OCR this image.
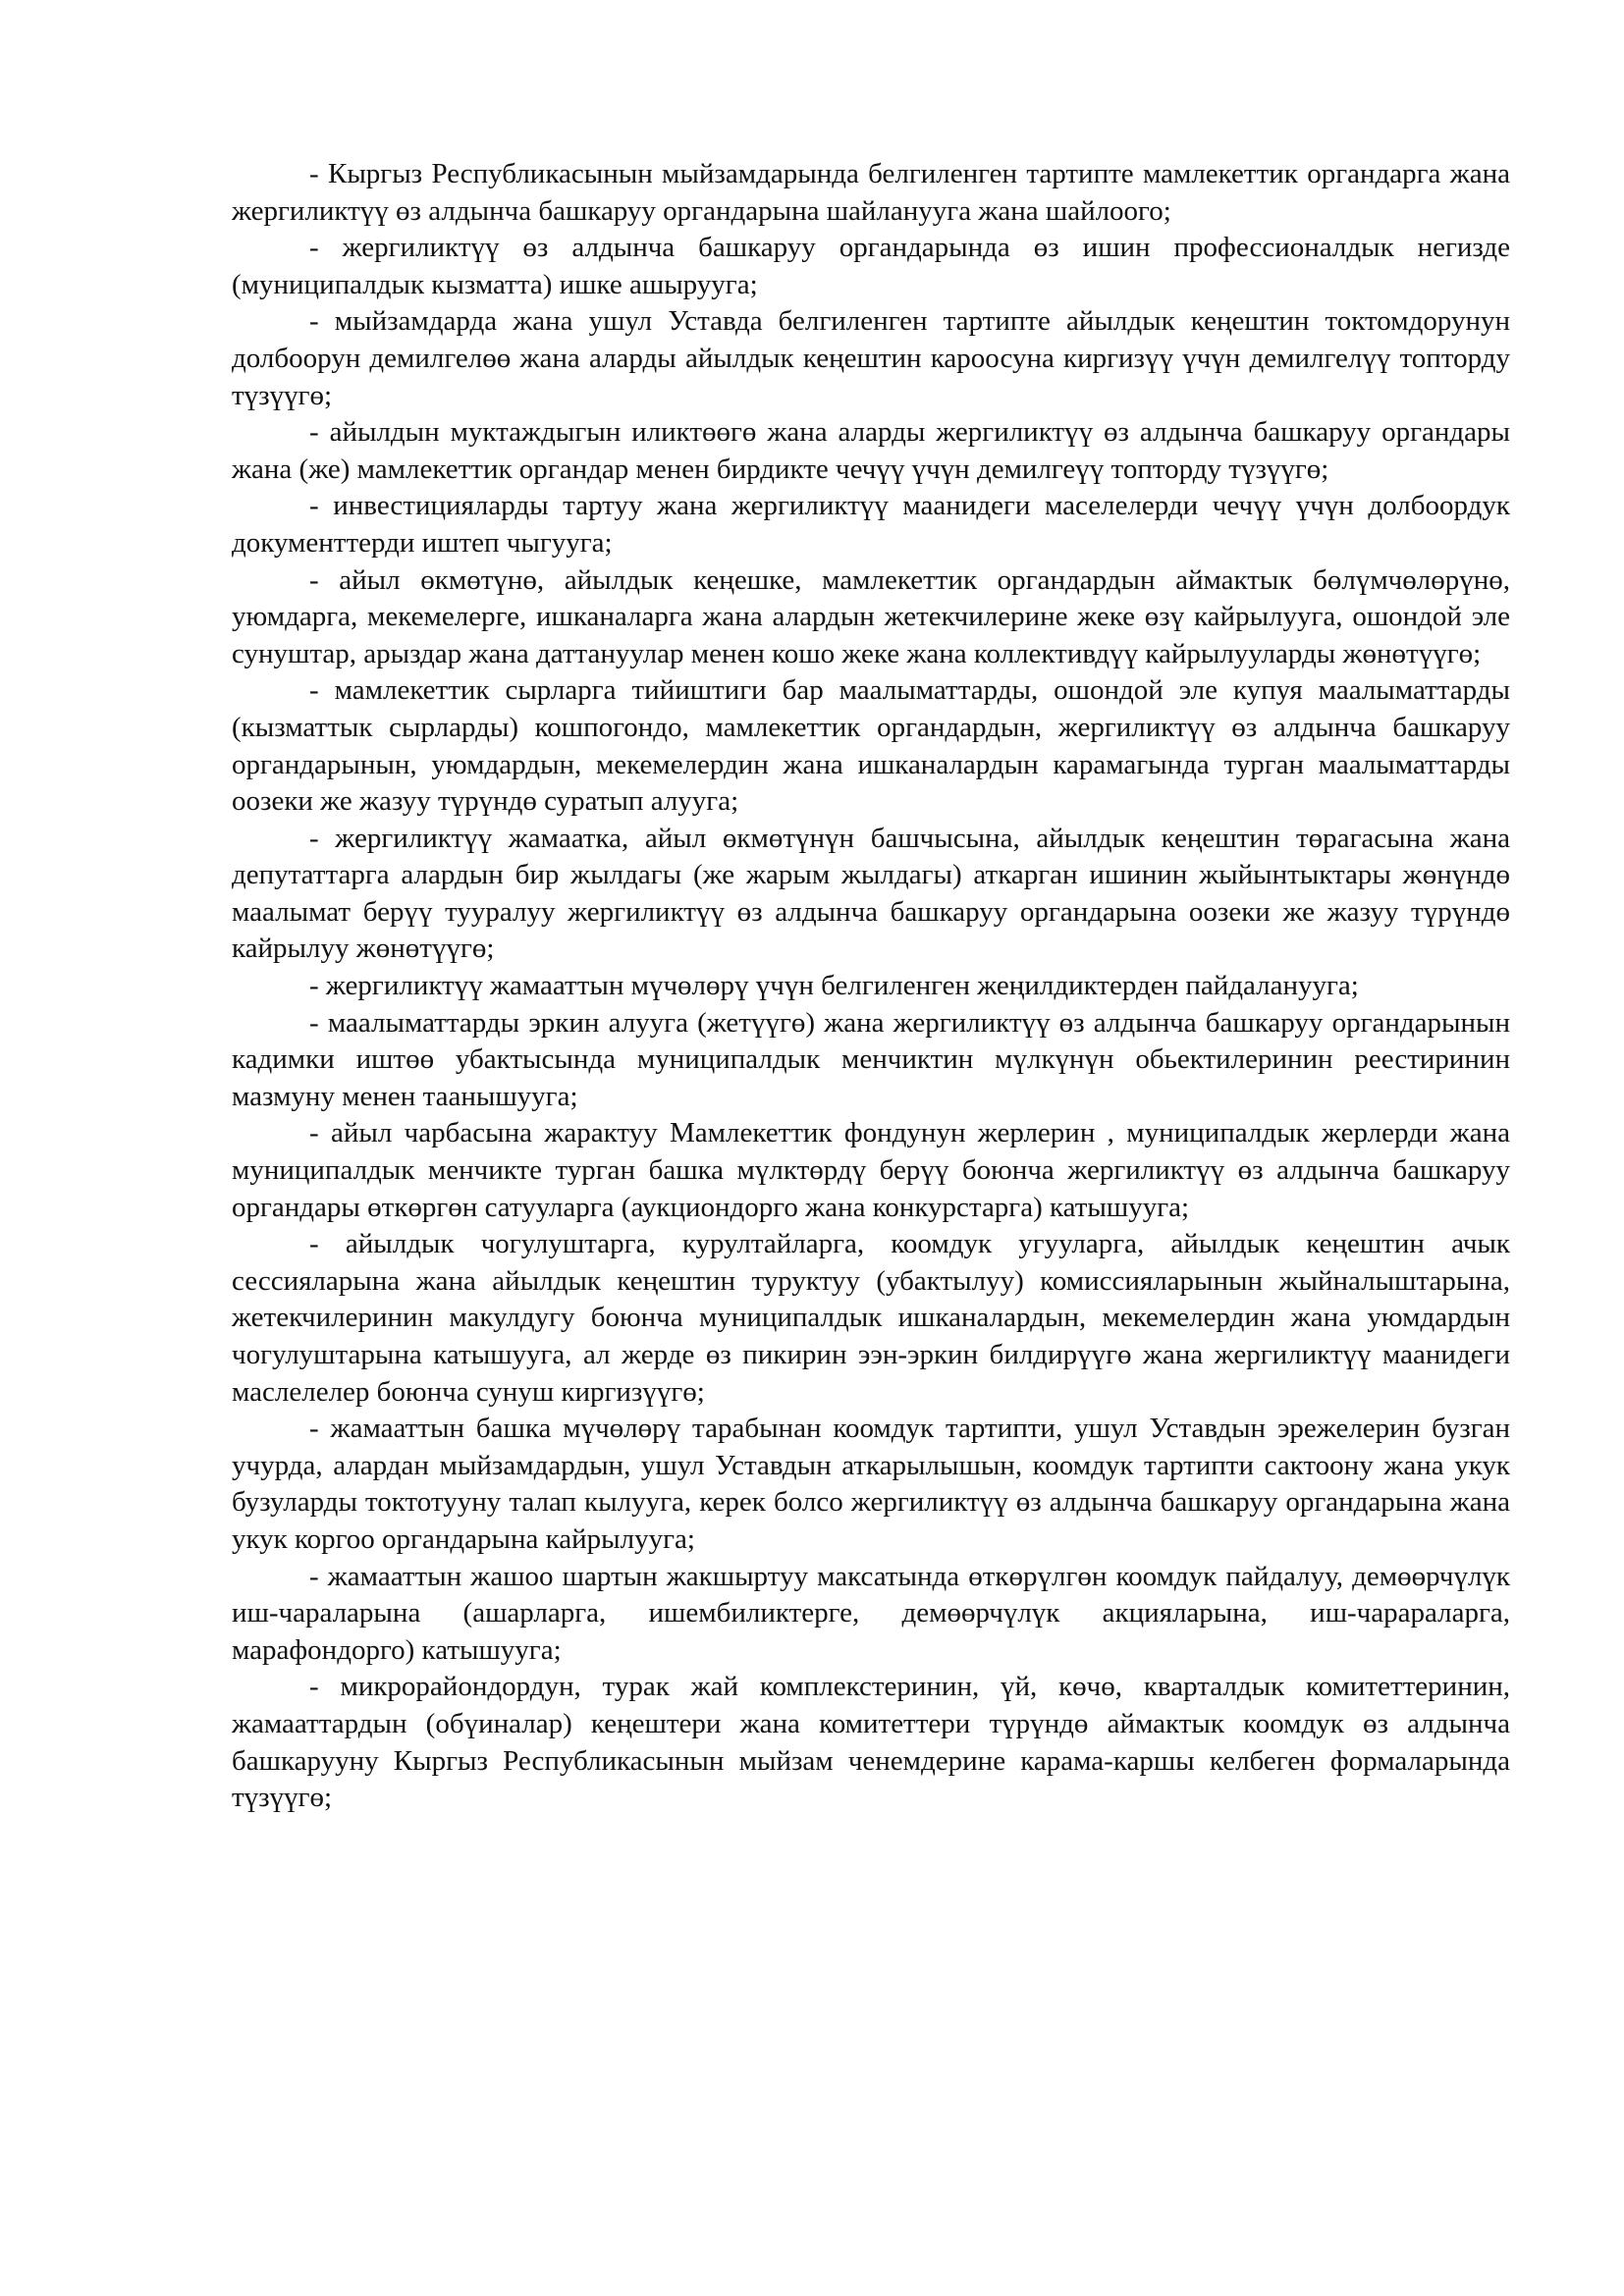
- Кыргыз Республикасынын мыйзамдарында белгиленген тартипте мамлекеттик органдарга жана жергиликтүү өз алдынча башкаруу органдарына шайланууга жана шайлоого;

- жергиликтүү өз алдынча башкаруу органдарында өз ишин профессионалдык негизде (муниципалдык кызматта) ишке ашырууга;

- мыйзамдарда жана ушул Уставда белгиленген тартипте айылдык кеңештин токтомдорунун долбоорун демилгелөө жана аларды айылдык кеңештин кароосуна киргизүү үчүн демилгелүү топторду түзүүгө;

- айылдын муктаждыгын иликтөөгө жана аларды жергиликтүү өз алдынча башкаруу органдары жана (же) мамлекеттик органдар менен бирдикте чечүү үчүн демилгеүү топторду түзүүгө;

- инвестицияларды тартуу жана жергиликтүү маанидеги маселелерди чечүү үчүн долбоордук документтерди иштеп чыгууга;

- айыл өкмөтүнө, айылдык кеңешке, мамлекеттик органдардын аймактык бөлүмчөлөрүнө, уюмдарга, мекемелерге, ишканаларга жана алардын жетекчилерине жеке өзү кайрылууга, ошондой эле сунуштар, арыздар жана даттануулар менен кошо жеке жана коллективдүү кайрылууларды жөнөтүүгө;

- мамлекеттик сырларга тийиштиги бар маалыматтарды, ошондой эле купуя маалыматтарды (кызматтык сырларды) кошпогондо, мамлекеттик органдардын, жергиликтүү өз алдынча башкаруу органдарынын, уюмдардын, мекемелердин жана ишканалардын карамагында турган маалыматтарды оозеки же жазуу түрүндө суратып алууга;

- жергиликтүү жамаатка, айыл өкмөтүнүн башчысына, айылдык кеңештин төрагасына жана депутаттарга алардын бир жылдагы (же жарым жылдагы) аткарган ишинин жыйынтыктары жөнүндө маалымат берүү тууралуу жергиликтүү өз алдынча башкаруу органдарына оозеки же жазуу түрүндө кайрылуу жөнөтүүгө;

- жергиликтүү жамааттын мүчөлөрү үчүн белгиленген жеңилдиктерден пайдаланууга;

- маалыматтарды эркин алууга (жетүүгө) жана жергиликтүү өз алдынча башкаруу органдарынын кадимки иштөө убактысында муниципалдык менчиктин мүлкүнүн обьектилеринин реестиринин мазмуну менен таанышууга;

- айыл чарбасына жарактуу Мамлекеттик фондунун жерлерин , муниципалдык жерлерди жана муниципалдык менчикте турган башка мүлктөрдү берүү боюнча жергиликтүү өз алдынча башкаруу органдары өткөргөн сатууларга (аукциондорго жана конкурстарга) катышууга;

- айылдык чогулуштарга, курултайларга, коомдук угууларга, айылдык кеңештин ачык сессияларына жана айылдык кеңештин туруктуу (убактылуу) комиссияларынын жыйналыштарына, жетекчилеринин макулдугу боюнча муниципалдык ишканалардын, мекемелердин жана уюмдардын чогулуштарына катышууга, ал жерде өз пикирин ээн-эркин билдирүүгө жана жергиликтүү маанидеги маслелелер боюнча сунуш киргизүүгө;

- жамааттын башка мүчөлөрү тарабынан коомдук тартипти, ушул Уставдын эрежелерин бузган учурда, алардан мыйзамдардын, ушул Уставдын аткарылышын, коомдук тартипти сактоону жана укук бузуларды токтотууну талап кылууга, керек болсо жергиликтүү өз алдынча башкаруу органдарына жана укук коргоо органдарына кайрылууга;

- жамааттын жашоо шартын жакшыртуу максатында өткөрүлгөн коомдук пайдалуу, демөөрчүлүк иш-чараларына (ашарларга, ишембиликтерге, демөөрчүлүк акцияларына, иш-чарараларга, марафондорго) катышууга;

- микрорайондордун, турак жай комплекстеринин, үй, көчө, кварталдык комитеттеринин, жамааттардын (обүиналар) кеңештери жана комитеттери түрүндө аймактык коомдук өз алдынча башкарууну Кыргыз Республикасынын мыйзам ченемдерине карама-каршы келбеген формаларында түзүүгө;
